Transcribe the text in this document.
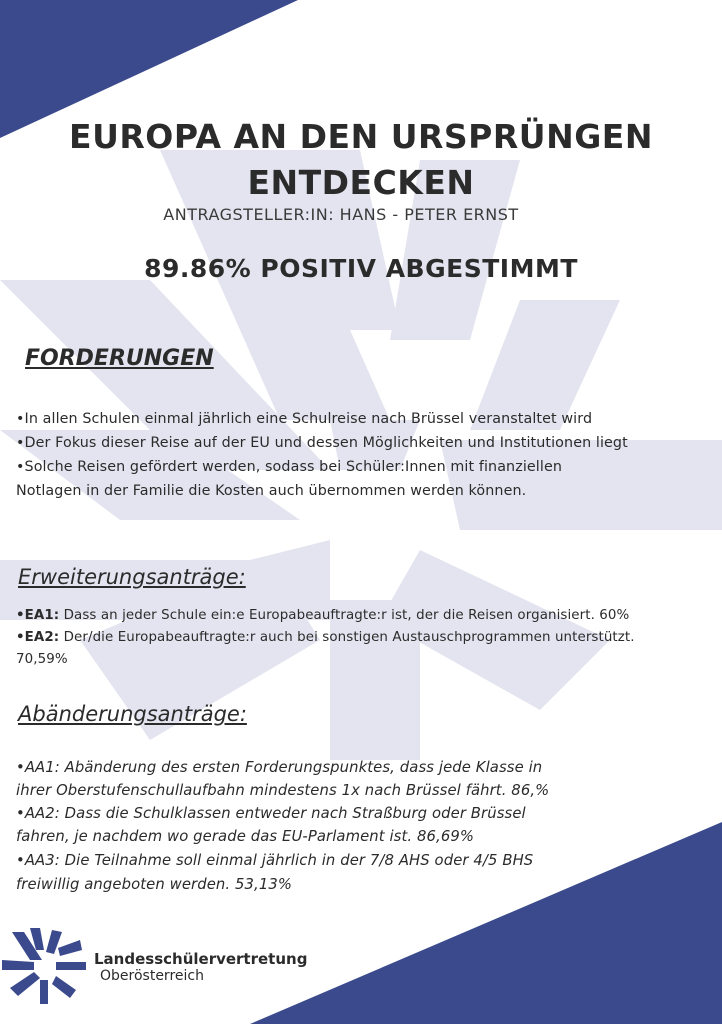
EUROPA AN DEN URSPRÜNGEN
ENTDECKEN
ANTRAGSTELLER:IN: HANS - PETER ERNST
89.86% POSITIV ABGESTIMMT
FORDERUNGEN
•In allen Schulen einmal jährlich eine Schulreise nach Brüssel veranstaltet wird
•Der Fokus dieser Reise auf der EU und dessen Möglichkeiten und Institutionen liegt
•Solche Reisen gefördert werden, sodass bei Schüler:Innen mit finanziellen
Notlagen in der Familie die Kosten auch übernommen werden können.
Erweiterungsanträge:
•EA1: Dass an jeder Schule ein:e Europabeauftragte:r ist, der die Reisen organisiert. 60%
•EA2: Der/die Europabeauftragte:r auch bei sonstigen Austauschprogrammen unterstützt.
70,59%
Abänderungsanträge:
•AA1: Abänderung des ersten Forderungspunktes, dass jede Klasse in
ihrer Oberstufenschullaufbahn mindestens 1x nach Brüssel fährt. 86,%
•AA2: Dass die Schulklassen entweder nach Straßburg oder Brüssel
fahren, je nachdem wo gerade das EU-Parlament ist. 86,69%
•AA3: Die Teilnahme soll einmal jährlich in der 7/8 AHS oder 4/5 BHS
freiwillig angeboten werden. 53,13%
Landesschülervertretung
Oberösterreich
